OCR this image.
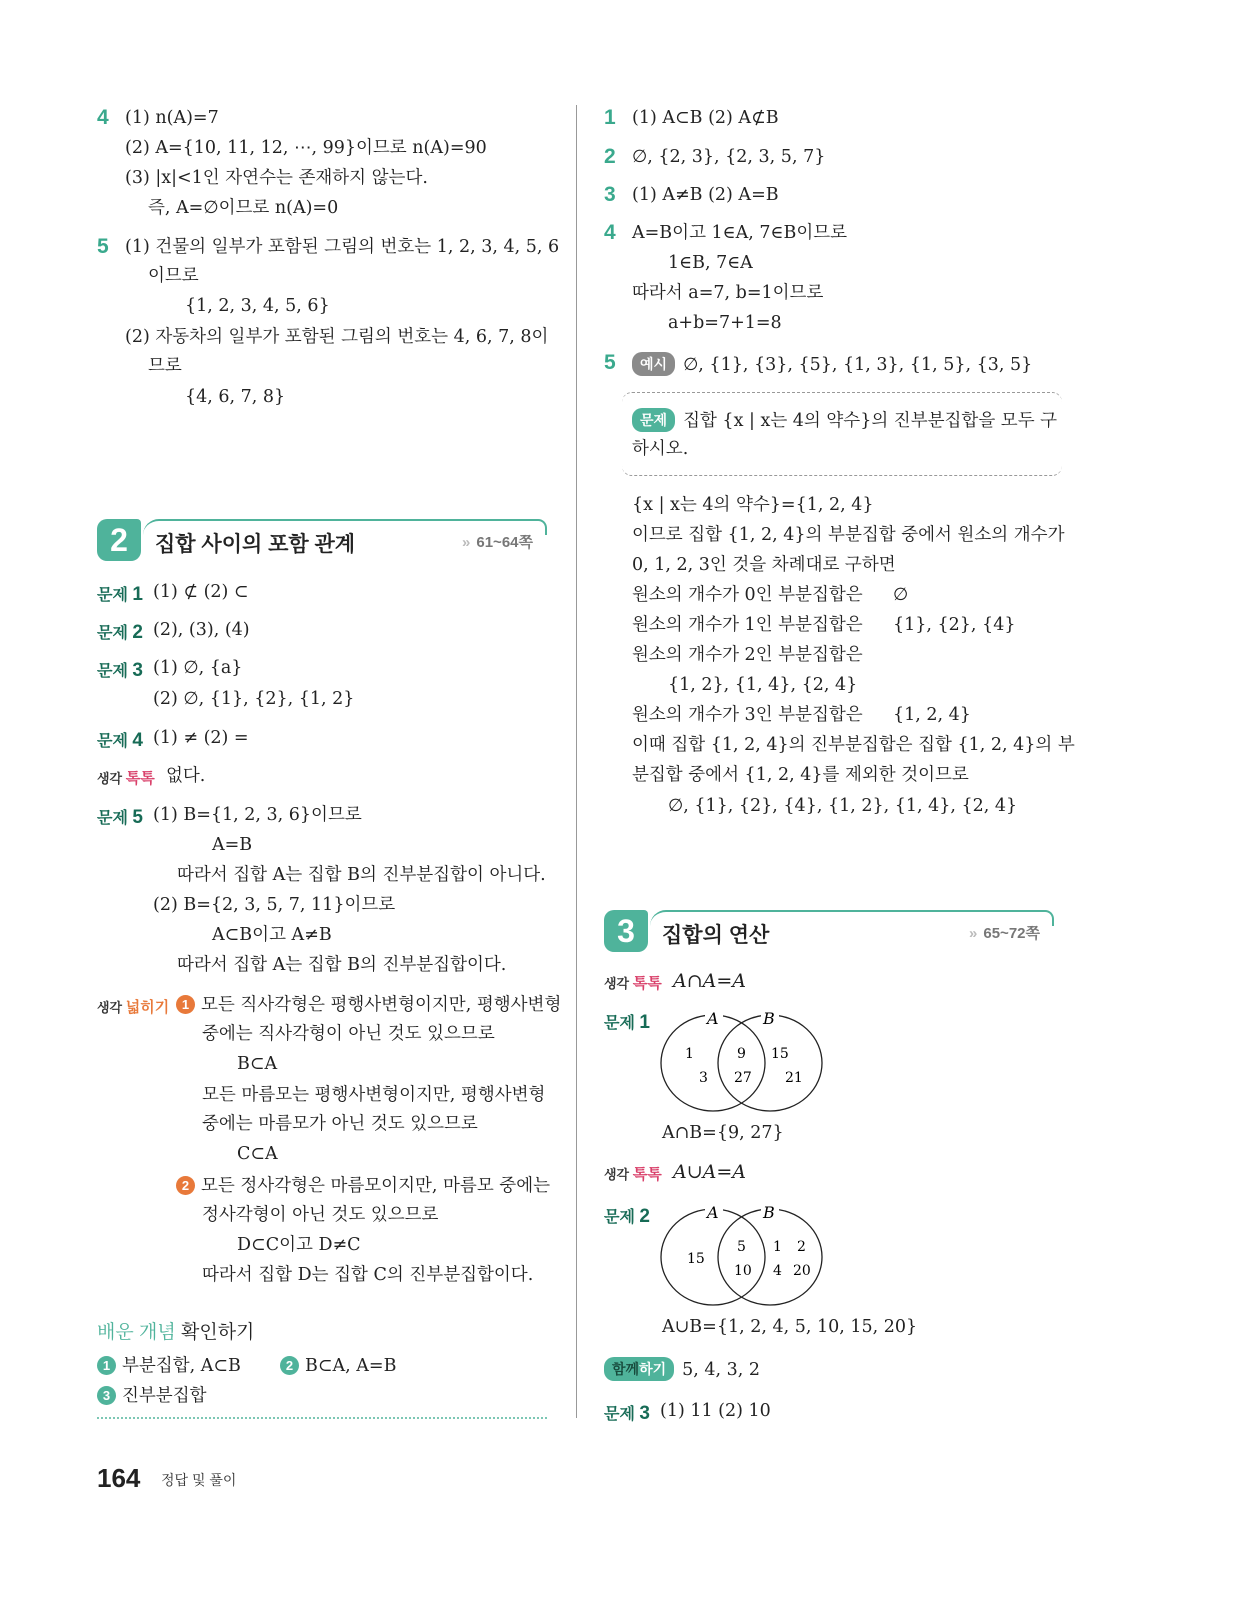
4 (1) n(A)=7
(2) A={10, 11, 12, ⋯, 99}이므로 n(A)=90
(3) |x|<1인 자연수는 존재하지 않는다.
즉, A=∅이므로 n(A)=0
5 (1) 건물의 일부가 포함된 그림의 번호는 1, 2, 3, 4, 5, 6
이므로
{1, 2, 3, 4, 5, 6}
(2) 자동차의 일부가 포함된 그림의 번호는 4, 6, 7, 8이
므로
{4, 6, 7, 8}
2	집합 사이의 포함 관계	» 61~64쪽
문제 1 (1) ⊄ (2) ⊂
문제 2 (2), (3), (4)
문제 3 (1) ∅, {a}
(2) ∅, {1}, {2}, {1, 2}
문제 4 (1) ≠ (2) =
생각 톡톡 없다.
문제 5 (1) B={1, 2, 3, 6}이므로
A=B
따라서 집합 A는 집합 B의 진부분집합이 아니다.
(2) B={2, 3, 5, 7, 11}이므로
A⊂B이고 A≠B
따라서 집합 A는 집합 B의 진부분집합이다.
생각 넓히기 1 모든 직사각형은 평행사변형이지만, 평행사변형
중에는 직사각형이 아닌 것도 있으므로
B⊂A
모든 마름모는 평행사변형이지만, 평행사변형
중에는 마름모가 아닌 것도 있으므로
C⊂A
2 모든 정사각형은 마름모이지만, 마름모 중에는
정사각형이 아닌 것도 있으므로
D⊂C이고 D≠C
따라서 집합 D는 집합 C의 진부분집합이다.
배운 개념 확인하기
1 부분집합, A⊂B	2 B⊂A, A=B
3 진부분집합
164 정답 및 풀이
1 (1) A⊂B (2) A⊄B
2 ∅, {2, 3}, {2, 3, 5, 7}
3 (1) A≠B (2) A=B
4 A=B이고 1∈A, 7∈B이므로
1∈B, 7∈A
따라서 a=7, b=1이므로
a+b=7+1=8
5	예시 ∅, {1}, {3}, {5}, {1, 3}, {1, 5}, {3, 5}
문제 집합 {x | x는 4의 약수}의 진부분집합을 모두 구
하시오.
{x | x는 4의 약수}={1, 2, 4}
이므로 집합 {1, 2, 4}의 부분집합 중에서 원소의 개수가
0, 1, 2, 3인 것을 차례대로 구하면
원소의 개수가 0인 부분집합은 ∅
원소의 개수가 1인 부분집합은 {1}, {2}, {4}
원소의 개수가 2인 부분집합은
{1, 2}, {1, 4}, {2, 4}
원소의 개수가 3인 부분집합은 {1, 2, 4}
이때 집합 {1, 2, 4}의 진부분집합은 집합 {1, 2, 4}의 부
분집합 중에서 {1, 2, 4}를 제외한 것이므로
∅, {1}, {2}, {4}, {1, 2}, {1, 4}, {2, 4}
3	집합의 연산	» 65~72쪽
생각 톡톡 A∩A=A
문제 1	A	B
1
3
9
27
15
21
A∩B={9, 27}
생각 톡톡 A∪A=A
문제 2	A	B
15
5
10
1 2
4 20
A∪B={1, 2, 4, 5, 10, 15, 20}
함께하기 5, 4, 3, 2
문제 3 (1) 11 (2) 10
